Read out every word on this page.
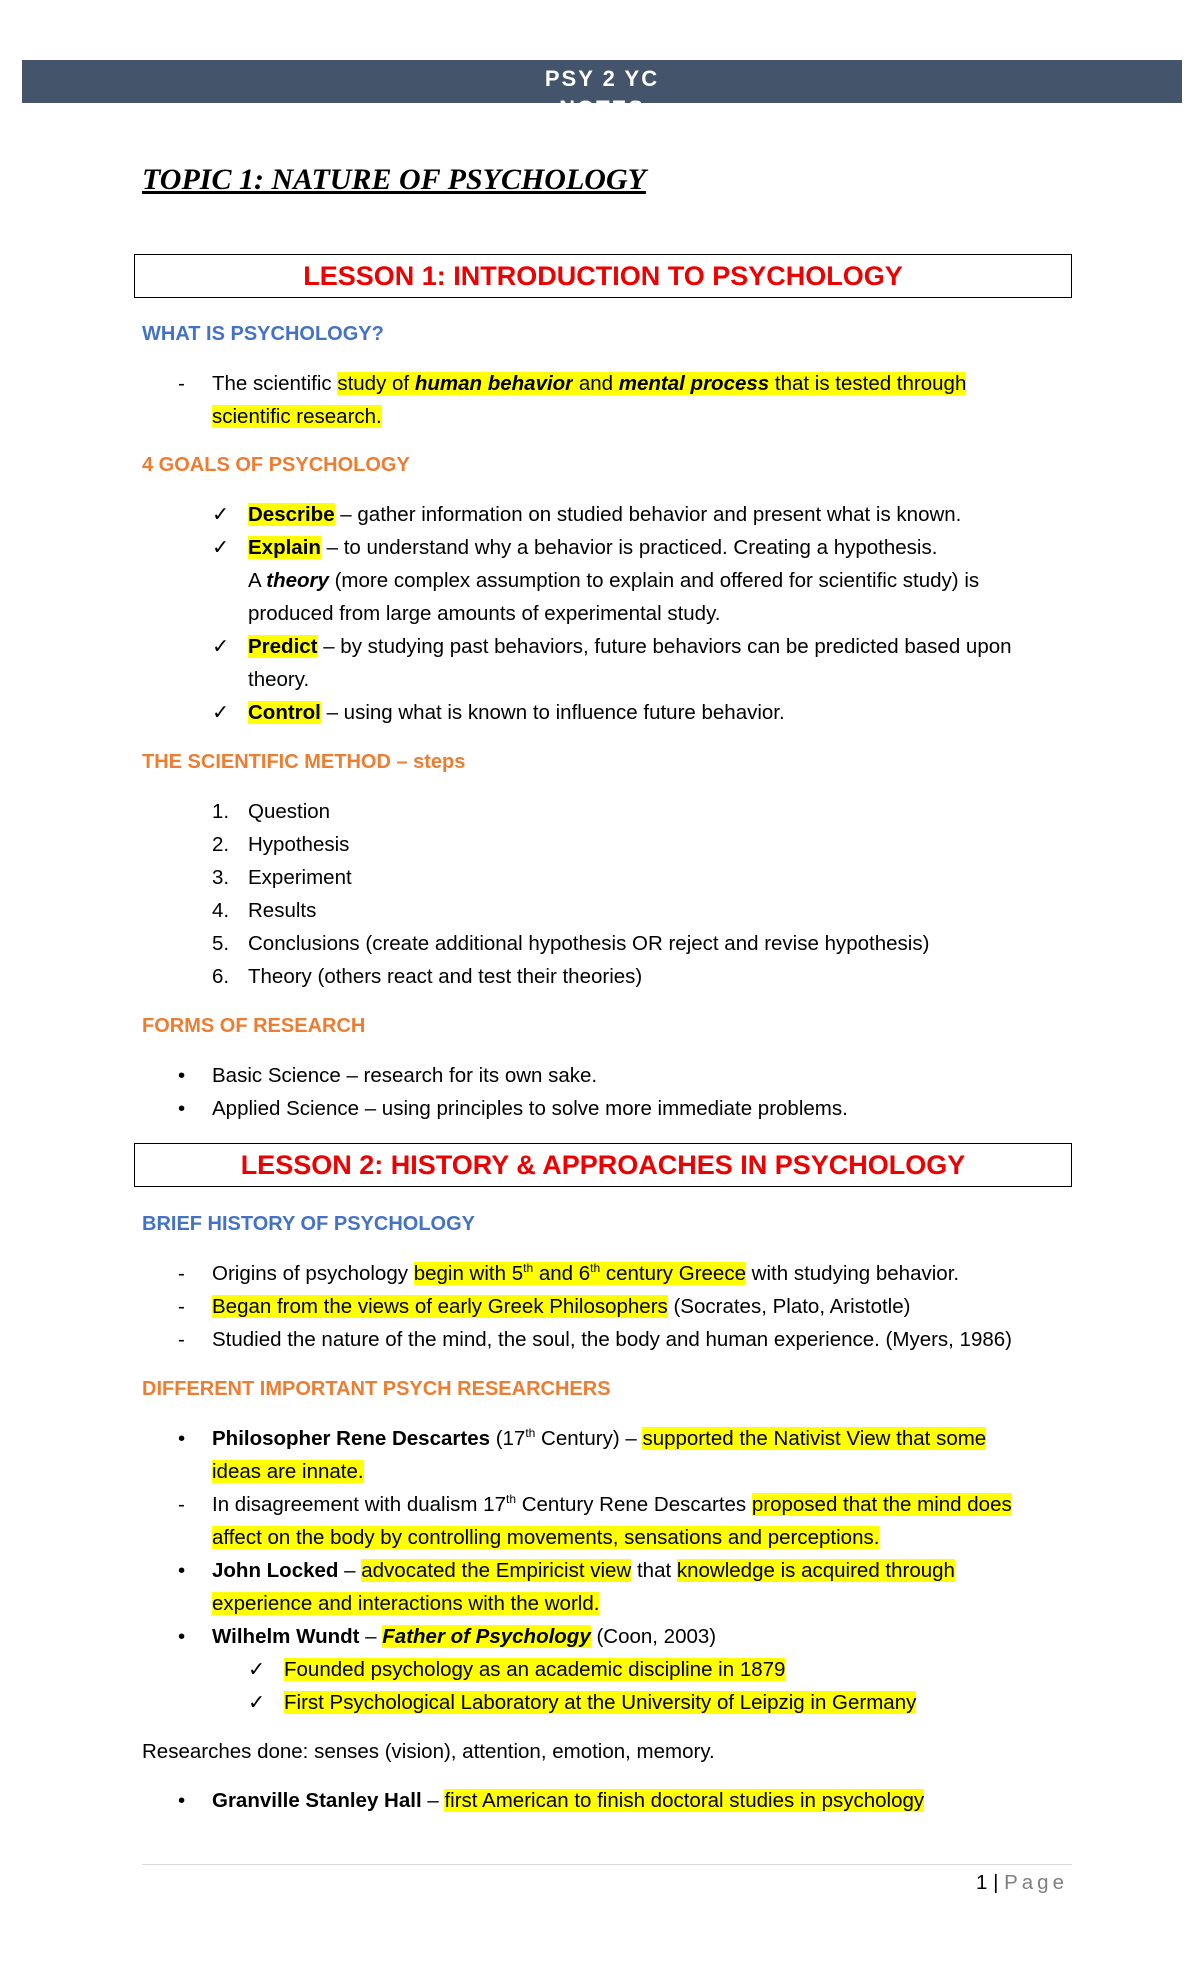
PSY 2 YC
NOTES
TOPIC 1: NATURE OF PSYCHOLOGY
LESSON 1: INTRODUCTION TO PSYCHOLOGY
WHAT IS PSYCHOLOGY?
- The scientific study of human behavior and mental process that is tested through
scientific research.
4 GOALS OF PSYCHOLOGY
✓ Describe – gather information on studied behavior and present what is known.
✓ Explain – to understand why a behavior is practiced. Creating a hypothesis.
A theory (more complex assumption to explain and offered for scientific study) is
produced from large amounts of experimental study.
✓ Predict – by studying past behaviors, future behaviors can be predicted based upon
theory.
✓ Control – using what is known to influence future behavior.
THE SCIENTIFIC METHOD – steps
1. Question
2. Hypothesis
3. Experiment
4. Results
5. Conclusions (create additional hypothesis OR reject and revise hypothesis)
6. Theory (others react and test their theories)
FORMS OF RESEARCH
• Basic Science – research for its own sake.
• Applied Science – using principles to solve more immediate problems.
LESSON 2: HISTORY & APPROACHES IN PSYCHOLOGY
BRIEF HISTORY OF PSYCHOLOGY
- Origins of psychology begin with 5th and 6th century Greece with studying behavior.
- Began from the views of early Greek Philosophers (Socrates, Plato, Aristotle)
- Studied the nature of the mind, the soul, the body and human experience. (Myers, 1986)
DIFFERENT IMPORTANT PSYCH RESEARCHERS
• Philosopher Rene Descartes (17th Century) – supported the Nativist View that some
ideas are innate.
- In disagreement with dualism 17th Century Rene Descartes proposed that the mind does
affect on the body by controlling movements, sensations and perceptions.
• John Locked – advocated the Empiricist view that knowledge is acquired through
experience and interactions with the world.
• Wilhelm Wundt – Father of Psychology (Coon, 2003)
✓ Founded psychology as an academic discipline in 1879
✓ First Psychological Laboratory at the University of Leipzig in Germany
Researches done: senses (vision), attention, emotion, memory.
• Granville Stanley Hall – first American to finish doctoral studies in psychology
1 | Page
